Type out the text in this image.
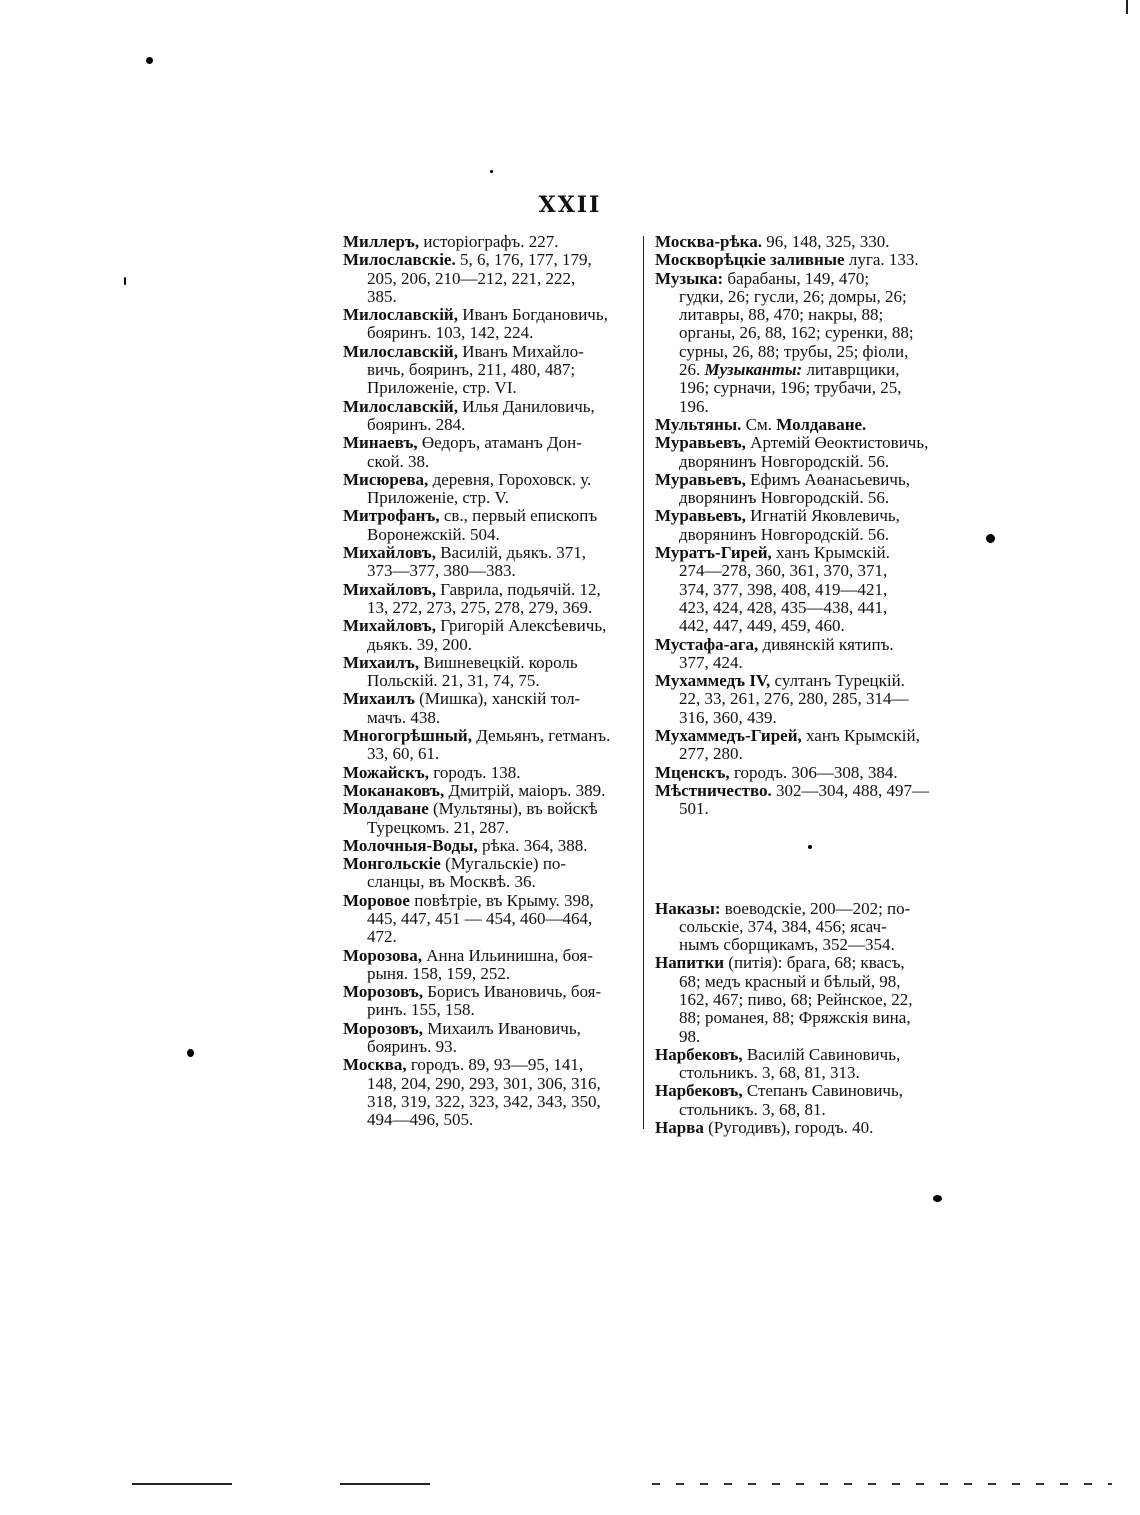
XXII
Миллеръ, исторіографъ. 227.
Милославскіе. 5, 6, 176, 177, 179,
205, 206, 210—212, 221, 222,
385.
Милославскій, Иванъ Богдановичь,
бояринъ. 103, 142, 224.
Милославскій, Иванъ Михайло-
вичь, бояринъ, 211, 480, 487;
Приложеніе, стр. VI.
Милославскій, Илья Даниловичь,
бояринъ. 284.
Минаевъ, Өедоръ, атаманъ Дон-
ской. 38.
Мисюрева, деревня, Гороховск. у.
Приложеніе, стр. V.
Митрофанъ, св., первый епископъ
Воронежскій. 504.
Михайловъ, Василій, дьякъ. 371,
373—377, 380—383.
Михайловъ, Гаврила, подьячій. 12,
13, 272, 273, 275, 278, 279, 369.
Михайловъ, Григорій Алексѣевичь,
дьякъ. 39, 200.
Михаилъ, Вишневецкій. король
Польскій. 21, 31, 74, 75.
Михаилъ (Мишка), ханскій тол-
мачъ. 438.
Многогрѣшный, Демьянъ, гетманъ.
33, 60, 61.
Можайскъ, городъ. 138.
Моканаковъ, Дмитрій, маіоръ. 389.
Молдаване (Мультяны), въ войскѣ
Турецкомъ. 21, 287.
Молочныя-Воды, рѣка. 364, 388.
Монгольскіе (Мугальскіе) по-
сланцы, въ Москвѣ. 36.
Моровое повѣтріе, въ Крыму. 398,
445, 447, 451 — 454, 460—464,
472.
Морозова, Анна Ильинишна, боя-
рыня. 158, 159, 252.
Морозовъ, Борисъ Ивановичь, боя-
ринъ. 155, 158.
Морозовъ, Михаилъ Ивановичь,
бояринъ. 93.
Москва, городъ. 89, 93—95, 141,
148, 204, 290, 293, 301, 306, 316,
318, 319, 322, 323, 342, 343, 350,
494—496, 505.
Москва-рѣка. 96, 148, 325, 330.
Москворѣцкіе заливные луга. 133.
Музыка: барабаны, 149, 470;
гудки, 26; гусли, 26; домры, 26;
литавры, 88, 470; накры, 88;
органы, 26, 88, 162; суренки, 88;
сурны, 26, 88; трубы, 25; фіоли,
26. Музыканты: литаврщики,
196; сурначи, 196; трубачи, 25,
196.
Мультяны. См. Молдаване.
Муравьевъ, Артемій Өеоктистовичь,
дворянинъ Новгородскій. 56.
Муравьевъ, Ефимъ Аөанасьевичь,
дворянинъ Новгородскій. 56.
Муравьевъ, Игнатій Яковлевичь,
дворянинъ Новгородскій. 56.
Муратъ-Гирей, ханъ Крымскій.
274—278, 360, 361, 370, 371,
374, 377, 398, 408, 419—421,
423, 424, 428, 435—438, 441,
442, 447, 449, 459, 460.
Мустафа-ага, дивянскій кятипъ.
377, 424.
Мухаммедъ IV, султанъ Турецкій.
22, 33, 261, 276, 280, 285, 314—
316, 360, 439.
Мухаммедъ-Гирей, ханъ Крымскій,
277, 280.
Мценскъ, городъ. 306—308, 384.
Мѣстничество. 302—304, 488, 497—
501.
Наказы: воеводскіе, 200—202; по-
сольскіе, 374, 384, 456; ясач-
нымъ сборщикамъ, 352—354.
Напитки (питія): брага, 68; квасъ,
68; медъ красный и бѣлый, 98,
162, 467; пиво, 68; Рейнское, 22,
88; романея, 88; Фряжскія вина,
98.
Нарбековъ, Василій Савиновичь,
стольникъ. 3, 68, 81, 313.
Нарбековъ, Степанъ Савиновичь,
стольникъ. 3, 68, 81.
Нарва (Ругодивъ), городъ. 40.
